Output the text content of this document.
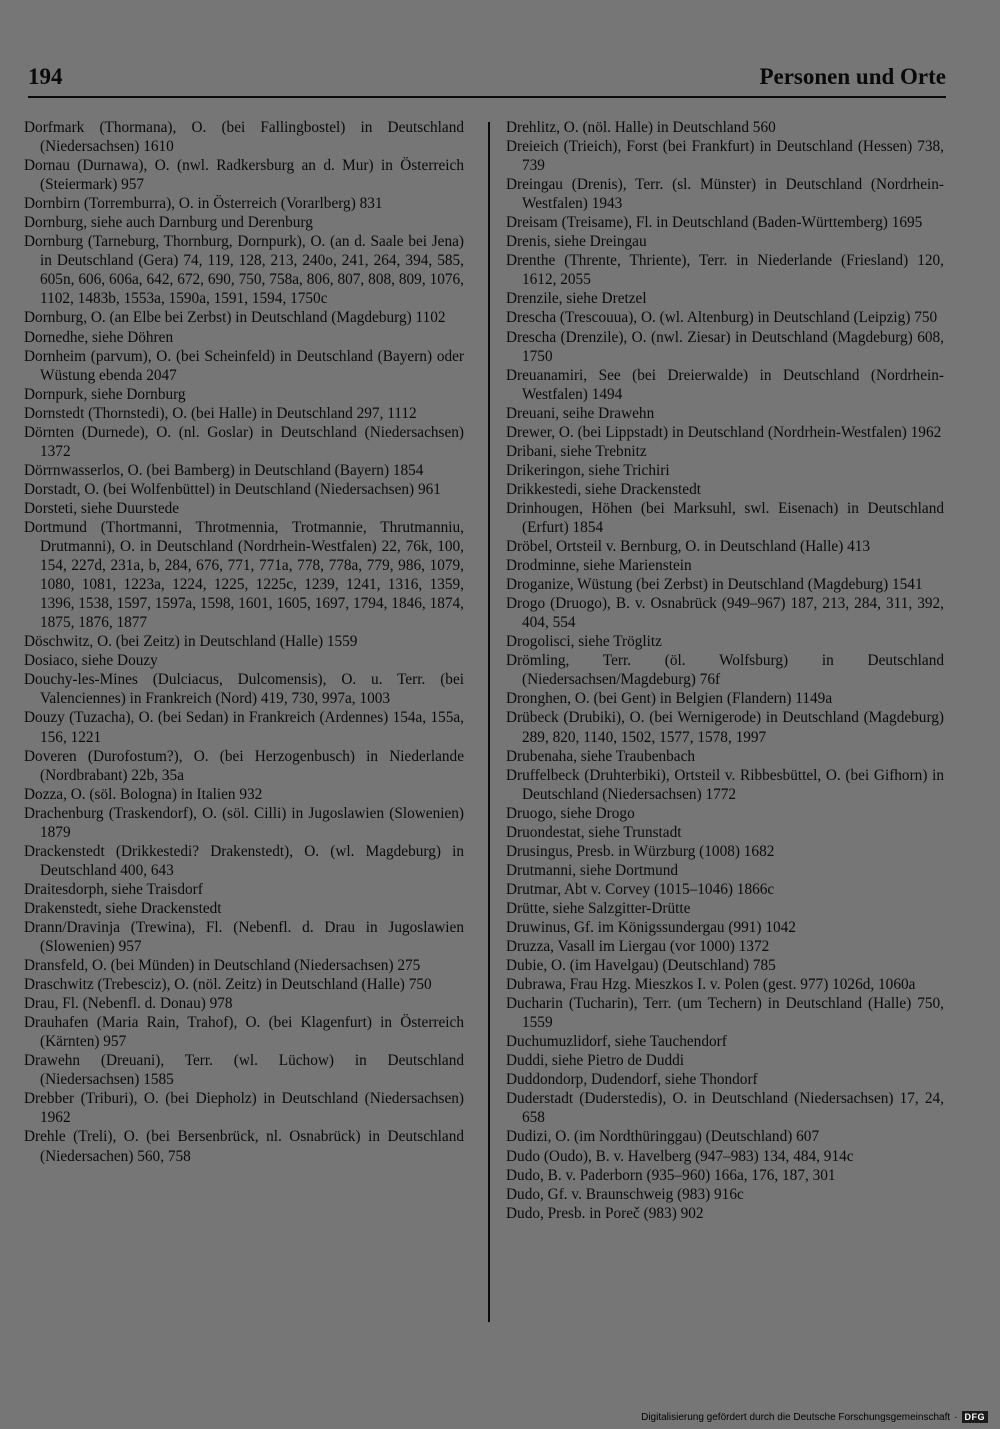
194	Personen und Orte
Dorfmark (Thormana), O. (bei Fallingbostel) in Deutschland (Niedersachsen) 1610
Dornau (Durnawa), O. (nwl. Radkersburg an d. Mur) in Österreich (Steiermark) 957
Dornbirn (Torremburra), O. in Österreich (Vorarlberg) 831
Dornburg, siehe auch Darnburg und Derenburg
Dornburg (Tarneburg, Thornburg, Dornpurk), O. (an d. Saale bei Jena) in Deutschland (Gera) 74, 119, 128, 213, 240o, 241, 264, 394, 585, 605n, 606, 606a, 642, 672, 690, 750, 758a, 806, 807, 808, 809, 1076, 1102, 1483b, 1553a, 1590a, 1591, 1594, 1750c
Dornburg, O. (an Elbe bei Zerbst) in Deutschland (Magdeburg) 1102
Dornedhe, siehe Döhren
Dornheim (parvum), O. (bei Scheinfeld) in Deutschland (Bayern) oder Wüstung ebenda 2047
Dornpurk, siehe Dornburg
Dornstedt (Thornstedi), O. (bei Halle) in Deutschland 297, 1112
Dörnten (Durnede), O. (nl. Goslar) in Deutschland (Niedersachsen) 1372
Dörrnwasserlos, O. (bei Bamberg) in Deutschland (Bayern) 1854
Dorstadt, O. (bei Wolfenbüttel) in Deutschland (Niedersachsen) 961
Dorsteti, siehe Duurstede
Dortmund (Thortmanni, Throtmennia, Trotmannie, Thrutmanniu, Drutmanni), O. in Deutschland (Nordrhein-Westfalen) 22, 76k, 100, 154, 227d, 231a, b, 284, 676, 771, 771a, 778, 778a, 779, 986, 1079, 1080, 1081, 1223a, 1224, 1225, 1225c, 1239, 1241, 1316, 1359, 1396, 1538, 1597, 1597a, 1598, 1601, 1605, 1697, 1794, 1846, 1874, 1875, 1876, 1877
Döschwitz, O. (bei Zeitz) in Deutschland (Halle) 1559
Dosiaco, siehe Douzy
Douchy-les-Mines (Dulciacus, Dulcomensis), O. u. Terr. (bei Valenciennes) in Frankreich (Nord) 419, 730, 997a, 1003
Douzy (Tuzacha), O. (bei Sedan) in Frankreich (Ardennes) 154a, 155a, 156, 1221
Doveren (Durofostum?), O. (bei Herzogenbusch) in Niederlande (Nordbrabant) 22b, 35a
Dozza, O. (söl. Bologna) in Italien 932
Drachenburg (Traskendorf), O. (söl. Cilli) in Jugoslawien (Slowenien) 1879
Drackenstedt (Drikkestedi? Drakenstedt), O. (wl. Magdeburg) in Deutschland 400, 643
Draitesdorph, siehe Traisdorf
Drakenstedt, siehe Drackenstedt
Drann/Dravinja (Trewina), Fl. (Nebenfl. d. Drau in Jugoslawien (Slowenien) 957
Dransfeld, O. (bei Münden) in Deutschland (Niedersachsen) 275
Draschwitz (Trebesciz), O. (nöl. Zeitz) in Deutschland (Halle) 750
Drau, Fl. (Nebenfl. d. Donau) 978
Drauhafen (Maria Rain, Trahof), O. (bei Klagenfurt) in Österreich (Kärnten) 957
Drawehn (Dreuani), Terr. (wl. Lüchow) in Deutschland (Niedersachsen) 1585
Drebber (Triburi), O. (bei Diepholz) in Deutschland (Niedersachsen) 1962
Drehle (Treli), O. (bei Bersenbrück, nl. Osnabrück) in Deutschland (Niedersachen) 560, 758
Drehlitz, O. (nöl. Halle) in Deutschland 560
Dreieich (Trieich), Forst (bei Frankfurt) in Deutschland (Hessen) 738, 739
Dreingau (Drenis), Terr. (sl. Münster) in Deutschland (Nordrhein-Westfalen) 1943
Dreisam (Treisame), Fl. in Deutschland (Baden-Württemberg) 1695
Drenis, siehe Dreingau
Drenthe (Thrente, Thriente), Terr. in Niederlande (Friesland) 120, 1612, 2055
Drenzile, siehe Dretzel
Drescha (Trescouua), O. (wl. Altenburg) in Deutschland (Leipzig) 750
Drescha (Drenzile), O. (nwl. Ziesar) in Deutschland (Magdeburg) 608, 1750
Dreuanamiri, See (bei Dreierwalde) in Deutschland (Nordrhein-Westfalen) 1494
Dreuani, seihe Drawehn
Drewer, O. (bei Lippstadt) in Deutschland (Nordrhein-Westfalen) 1962
Dribani, siehe Trebnitz
Drikeringon, siehe Trichiri
Drikkestedi, siehe Drackenstedt
Drinhougen, Höhen (bei Marksuhl, swl. Eisenach) in Deutschland (Erfurt) 1854
Dröbel, Ortsteil v. Bernburg, O. in Deutschland (Halle) 413
Drodminne, siehe Marienstein
Droganize, Wüstung (bei Zerbst) in Deutschland (Magdeburg) 1541
Drogo (Druogo), B. v. Osnabrück (949–967) 187, 213, 284, 311, 392, 404, 554
Drogolisci, siehe Tröglitz
Drömling, Terr. (öl. Wolfsburg) in Deutschland (Niedersachsen/Magdeburg) 76f
Dronghen, O. (bei Gent) in Belgien (Flandern) 1149a
Drübeck (Drubiki), O. (bei Wernigerode) in Deutschland (Magdeburg) 289, 820, 1140, 1502, 1577, 1578, 1997
Drubenaha, siehe Traubenbach
Druffelbeck (Druhterbiki), Ortsteil v. Ribbesbüttel, O. (bei Gifhorn) in Deutschland (Niedersachsen) 1772
Druogo, siehe Drogo
Druondestat, siehe Trunstadt
Drusingus, Presb. in Würzburg (1008) 1682
Drutmanni, siehe Dortmund
Drutmar, Abt v. Corvey (1015–1046) 1866c
Drütte, siehe Salzgitter-Drütte
Druwinus, Gf. im Königssundergau (991) 1042
Druzza, Vasall im Liergau (vor 1000) 1372
Dubie, O. (im Havelgau) (Deutschland) 785
Dubrawa, Frau Hzg. Mieszkos I. v. Polen (gest. 977) 1026d, 1060a
Ducharin (Tucharin), Terr. (um Techern) in Deutschland (Halle) 750, 1559
Duchumuzlidorf, siehe Tauchendorf
Duddi, siehe Pietro de Duddi
Duddondorp, Dudendorf, siehe Thondorf
Duderstadt (Duderstedis), O. in Deutschland (Niedersachsen) 17, 24, 658
Dudizi, O. (im Nordthüringgau) (Deutschland) 607
Dudo (Oudo), B. v. Havelberg (947–983) 134, 484, 914c
Dudo, B. v. Paderborn (935–960) 166a, 176, 187, 301
Dudo, Gf. v. Braunschweig (983) 916c
Dudo, Presb. in Poreč (983) 902
Digitalisierung gefördert durch die Deutsche Forschungsgemeinschaft · DFG
